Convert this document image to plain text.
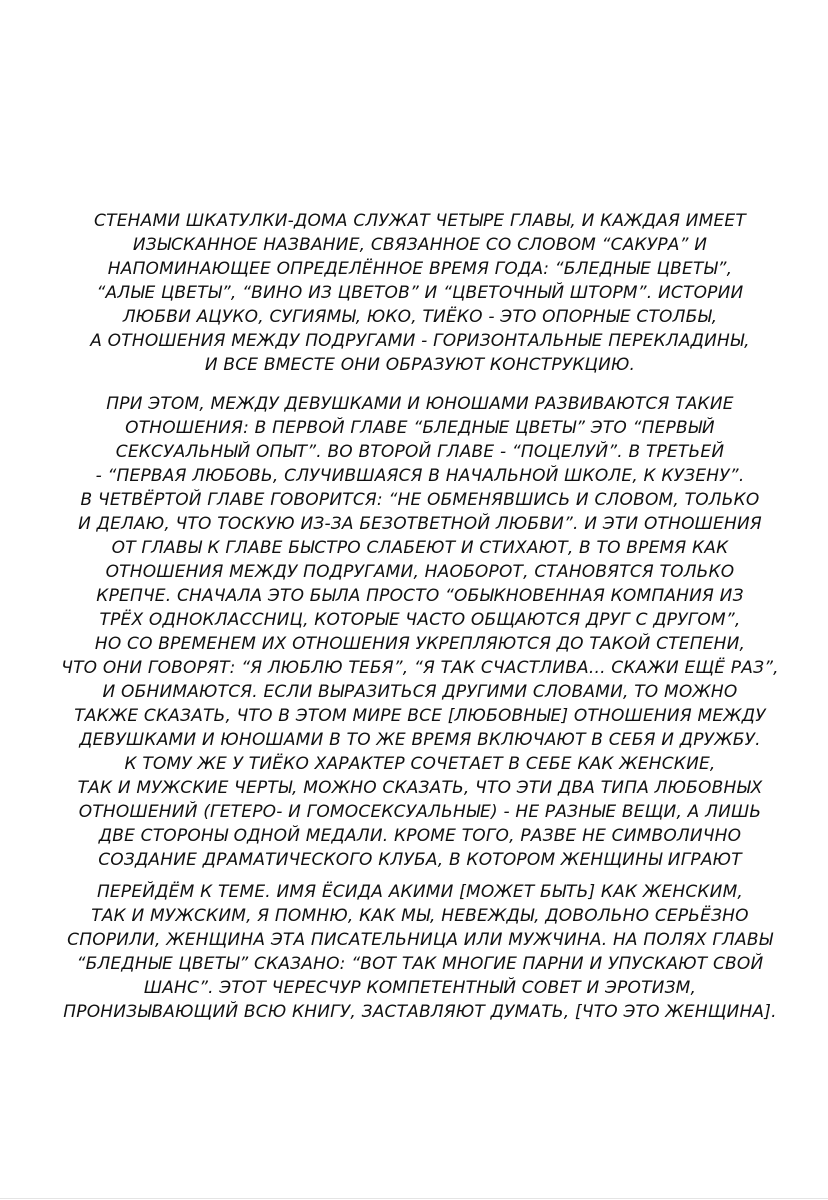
СТЕНАМИ ШКАТУЛКИ-ДОМА СЛУЖАТ ЧЕТЫРЕ ГЛАВЫ, И КАЖДАЯ ИМЕЕТ
ИЗЫСКАННОЕ НАЗВАНИЕ, СВЯЗАННОЕ СО СЛОВОМ “САКУРА” И
НАПОМИНАЮЩЕЕ ОПРЕДЕЛЁННОЕ ВРЕМЯ ГОДА: “БЛЕДНЫЕ ЦВЕТЫ”,
“АЛЫЕ ЦВЕТЫ”, “ВИНО ИЗ ЦВЕТОВ” И “ЦВЕТОЧНЫЙ ШТОРМ”. ИСТОРИИ
ЛЮБВИ АЦУКО, СУГИЯМЫ, ЮКО, ТИЁКО - ЭТО ОПОРНЫЕ СТОЛБЫ,
А ОТНОШЕНИЯ МЕЖДУ ПОДРУГАМИ - ГОРИЗОНТАЛЬНЫЕ ПЕРЕКЛАДИНЫ,
И ВСЕ ВМЕСТЕ ОНИ ОБРАЗУЮТ КОНСТРУКЦИЮ.
ПРИ ЭТОМ, МЕЖДУ ДЕВУШКАМИ И ЮНОШАМИ РАЗВИВАЮТСЯ ТАКИЕ
ОТНОШЕНИЯ: В ПЕРВОЙ ГЛАВЕ “БЛЕДНЫЕ ЦВЕТЫ” ЭТО “ПЕРВЫЙ
СЕКСУАЛЬНЫЙ ОПЫТ”. ВО ВТОРОЙ ГЛАВЕ - “ПОЦЕЛУЙ”. В ТРЕТЬЕЙ
- “ПЕРВАЯ ЛЮБОВЬ, СЛУЧИВШАЯСЯ В НАЧАЛЬНОЙ ШКОЛЕ, К КУЗЕНУ”.
В ЧЕТВЁРТОЙ ГЛАВЕ ГОВОРИТСЯ: “НЕ ОБМЕНЯВШИСЬ И СЛОВОМ, ТОЛЬКО
И ДЕЛАЮ, ЧТО ТОСКУЮ ИЗ-ЗА БЕЗОТВЕТНОЙ ЛЮБВИ”. И ЭТИ ОТНОШЕНИЯ
ОТ ГЛАВЫ К ГЛАВЕ БЫСТРО СЛАБЕЮТ И СТИХАЮТ, В ТО ВРЕМЯ КАК
ОТНОШЕНИЯ МЕЖДУ ПОДРУГАМИ, НАОБОРОТ, СТАНОВЯТСЯ ТОЛЬКО
КРЕПЧЕ. СНАЧАЛА ЭТО БЫЛА ПРОСТО “ОБЫКНОВЕННАЯ КОМПАНИЯ ИЗ
ТРЁХ ОДНОКЛАССНИЦ, КОТОРЫЕ ЧАСТО ОБЩАЮТСЯ ДРУГ С ДРУГОМ”,
НО СО ВРЕМЕНЕМ ИХ ОТНОШЕНИЯ УКРЕПЛЯЮТСЯ ДО ТАКОЙ СТЕПЕНИ,
ЧТО ОНИ ГОВОРЯТ: “Я ЛЮБЛЮ ТЕБЯ”, “Я ТАК СЧАСТЛИВА... СКАЖИ ЕЩЁ РАЗ”,
И ОБНИМАЮТСЯ. ЕСЛИ ВЫРАЗИТЬСЯ ДРУГИМИ СЛОВАМИ, ТО МОЖНО
ТАКЖЕ СКАЗАТЬ, ЧТО В ЭТОМ МИРЕ ВСЕ [ЛЮБОВНЫЕ] ОТНОШЕНИЯ МЕЖДУ
ДЕВУШКАМИ И ЮНОШАМИ В ТО ЖЕ ВРЕМЯ ВКЛЮЧАЮТ В СЕБЯ И ДРУЖБУ.
К ТОМУ ЖЕ У ТИЁКО ХАРАКТЕР СОЧЕТАЕТ В СЕБЕ КАК ЖЕНСКИЕ,
ТАК И МУЖСКИЕ ЧЕРТЫ, МОЖНО СКАЗАТЬ, ЧТО ЭТИ ДВА ТИПА ЛЮБОВНЫХ
ОТНОШЕНИЙ (ГЕТЕРО- И ГОМОСЕКСУАЛЬНЫЕ) - НЕ РАЗНЫЕ ВЕЩИ, А ЛИШЬ
ДВЕ СТОРОНЫ ОДНОЙ МЕДАЛИ. КРОМЕ ТОГО, РАЗВЕ НЕ СИМВОЛИЧНО
СОЗДАНИЕ ДРАМАТИЧЕСКОГО КЛУБА, В КОТОРОМ ЖЕНЩИНЫ ИГРАЮТ
ПЕРЕЙДЁМ К ТЕМЕ. ИМЯ ЁСИДА АКИМИ [МОЖЕТ БЫТЬ] КАК ЖЕНСКИМ,
ТАК И МУЖСКИМ, Я ПОМНЮ, КАК МЫ, НЕВЕЖДЫ, ДОВОЛЬНО СЕРЬЁЗНО
СПОРИЛИ, ЖЕНЩИНА ЭТА ПИСАТЕЛЬНИЦА ИЛИ МУЖЧИНА. НА ПОЛЯХ ГЛАВЫ
“БЛЕДНЫЕ ЦВЕТЫ” СКАЗАНО: “ВОТ ТАК МНОГИЕ ПАРНИ И УПУСКАЮТ СВОЙ
ШАНС”. ЭТОТ ЧЕРЕСЧУР КОМПЕТЕНТНЫЙ СОВЕТ И ЭРОТИЗМ,
ПРОНИЗЫВАЮЩИЙ ВСЮ КНИГУ, ЗАСТАВЛЯЮТ ДУМАТЬ, [ЧТО ЭТО ЖЕНЩИНА].
